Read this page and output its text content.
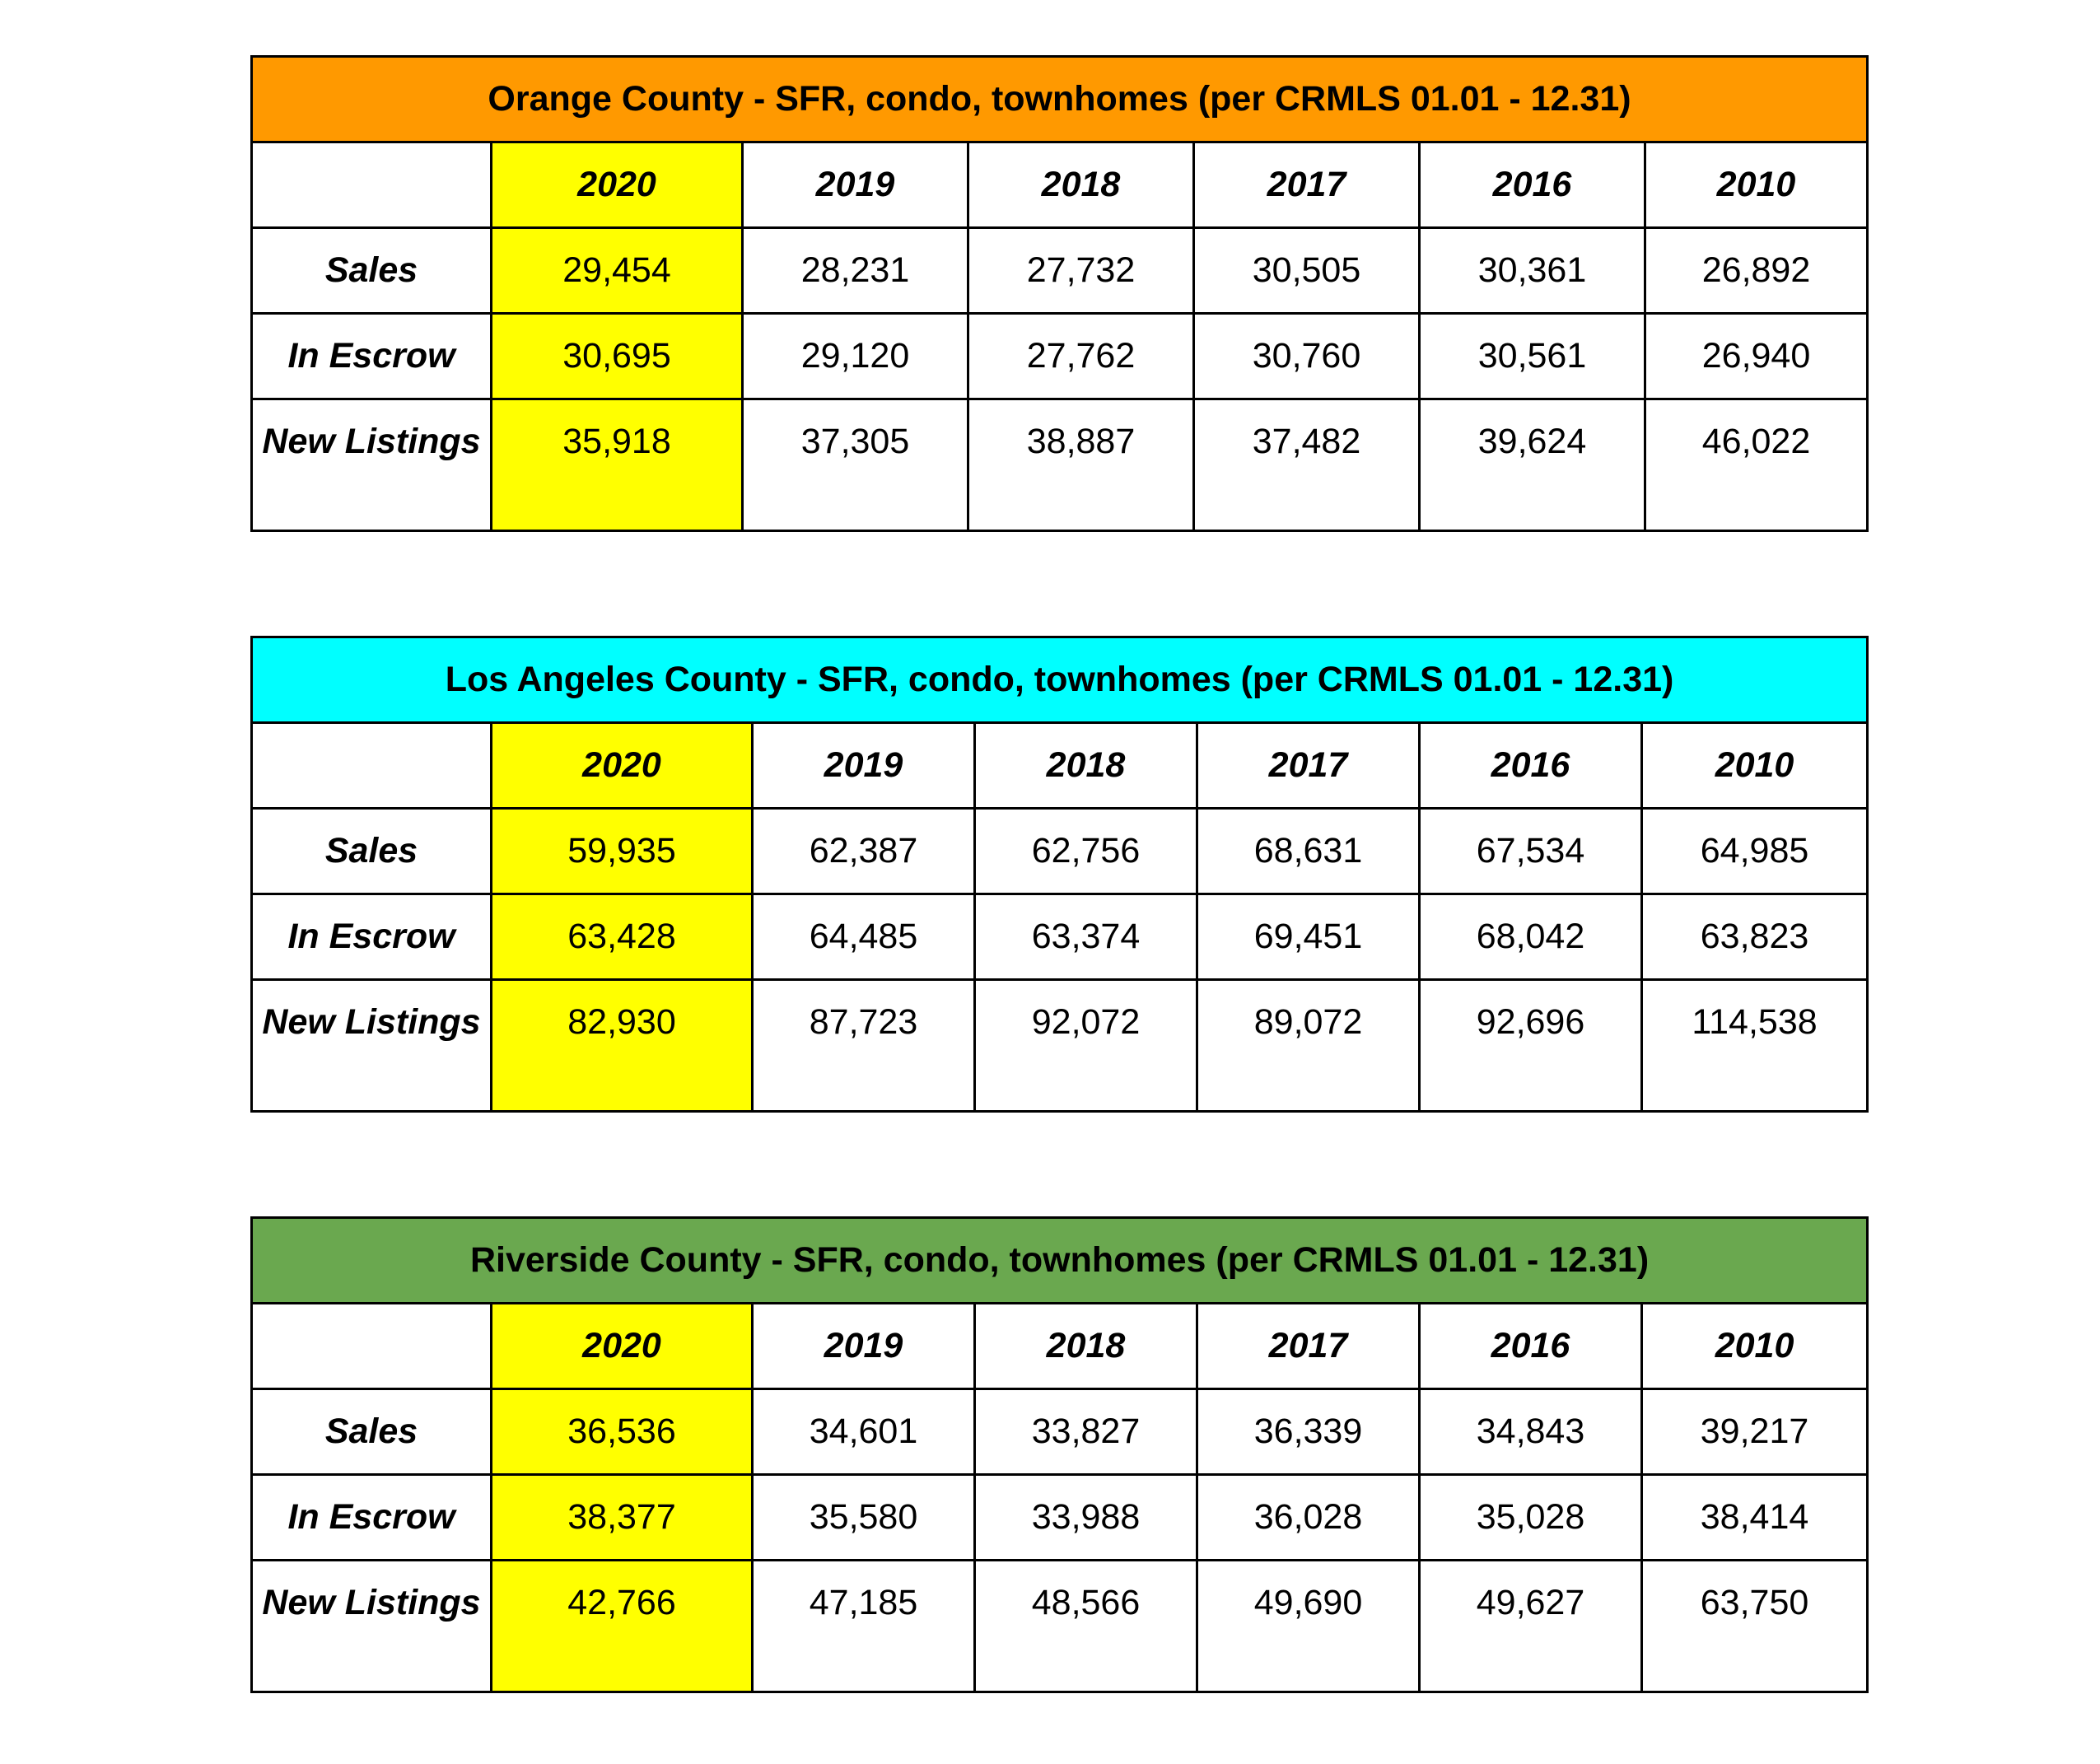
Orange County - SFR, condo, townhomes (per CRMLS 01.01 - 12.31)						
	2020	2019	2018	2017	2016	2010
Sales	29,454	28,231	27,732	30,505	30,361	26,892
In Escrow	30,695	29,120	27,762	30,760	30,561	26,940
New Listings	35,918	37,305	38,887	37,482	39,624	46,022
Los Angeles County - SFR, condo, townhomes (per CRMLS 01.01 - 12.31)						
	2020	2019	2018	2017	2016	2010
Sales	59,935	62,387	62,756	68,631	67,534	64,985
In Escrow	63,428	64,485	63,374	69,451	68,042	63,823
New Listings	82,930	87,723	92,072	89,072	92,696	114,538
Riverside County - SFR, condo, townhomes (per CRMLS 01.01 - 12.31)						
	2020	2019	2018	2017	2016	2010
Sales	36,536	34,601	33,827	36,339	34,843	39,217
In Escrow	38,377	35,580	33,988	36,028	35,028	38,414
New Listings	42,766	47,185	48,566	49,690	49,627	63,750
